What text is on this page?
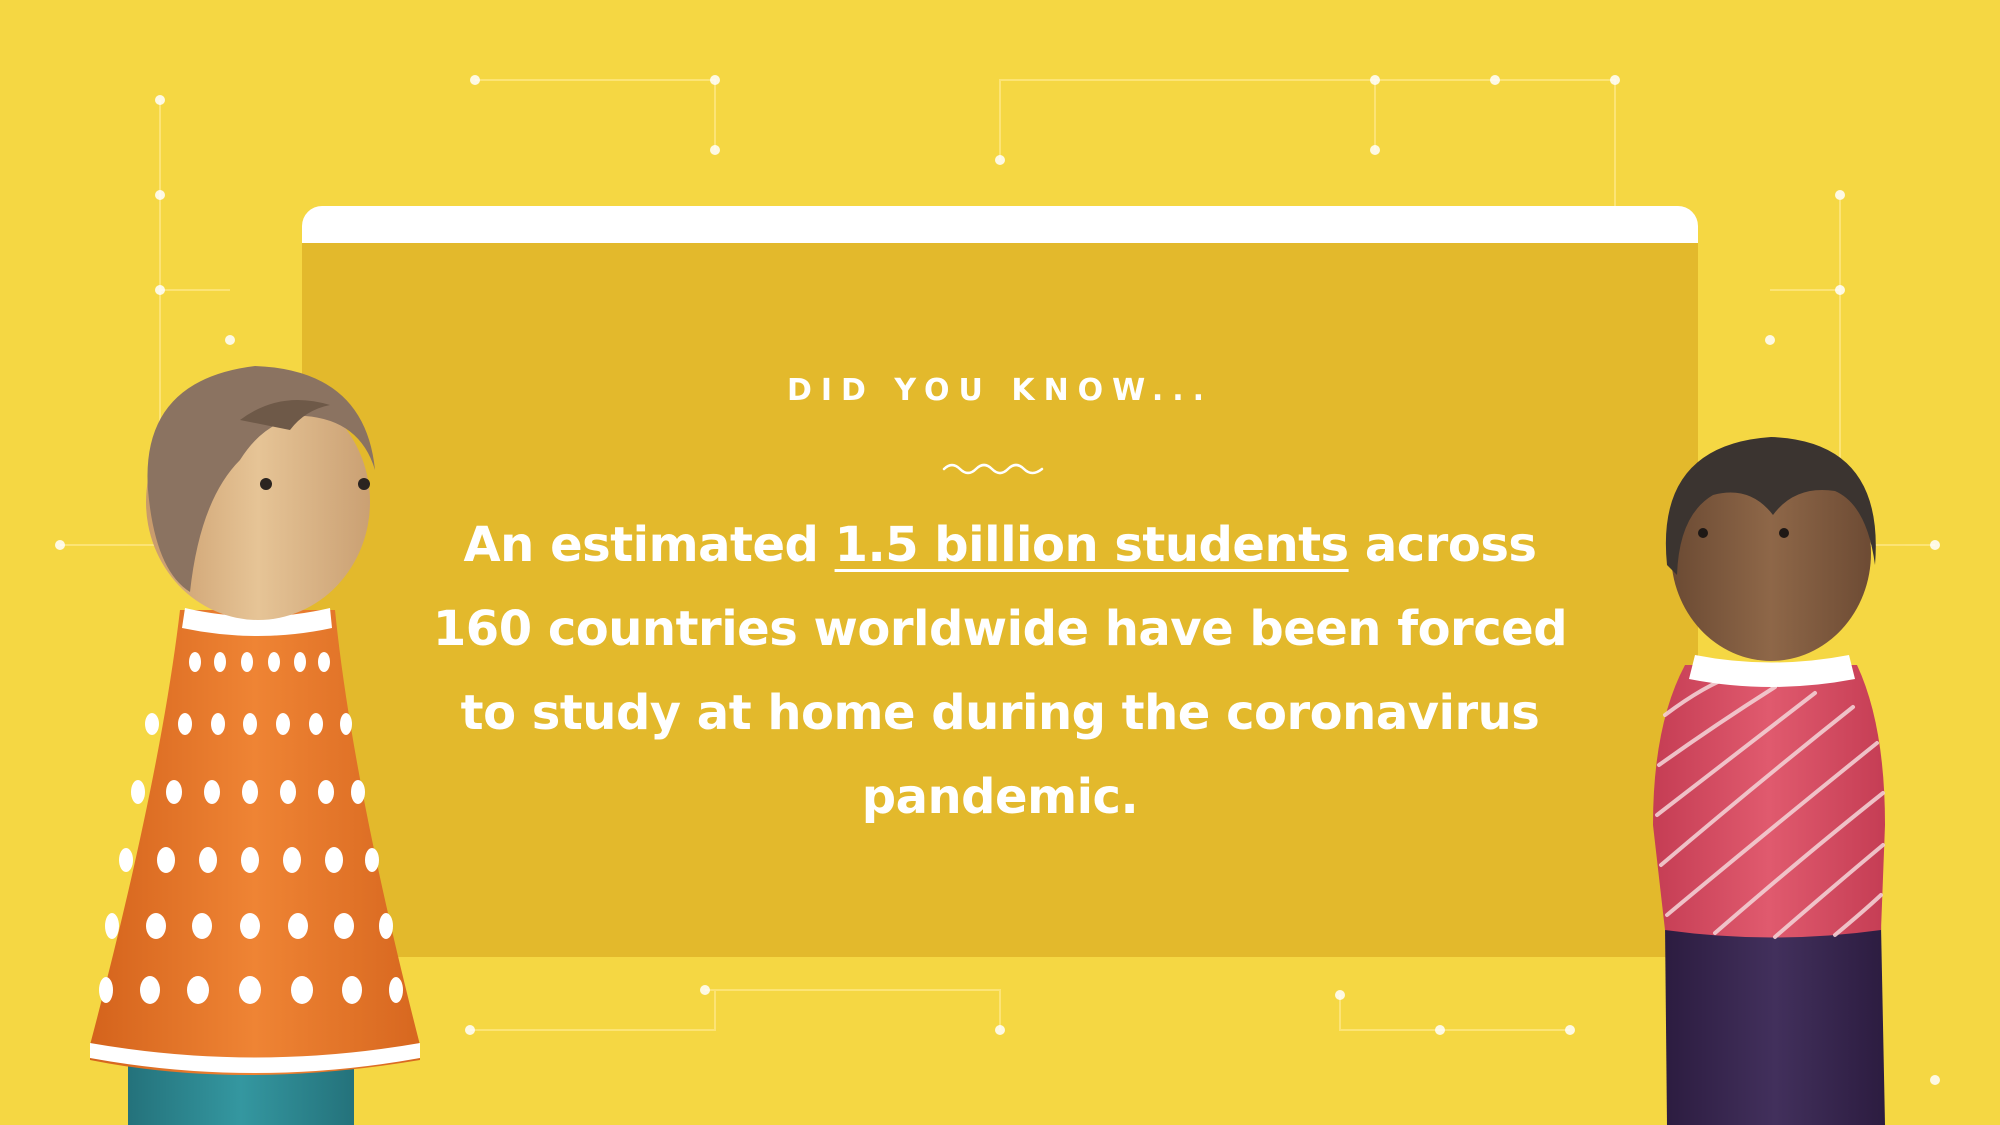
DID YOU KNOW...
An estimated 1.5 billion students across 160 countries worldwide have been forced to study at home during the coronavirus pandemic.
